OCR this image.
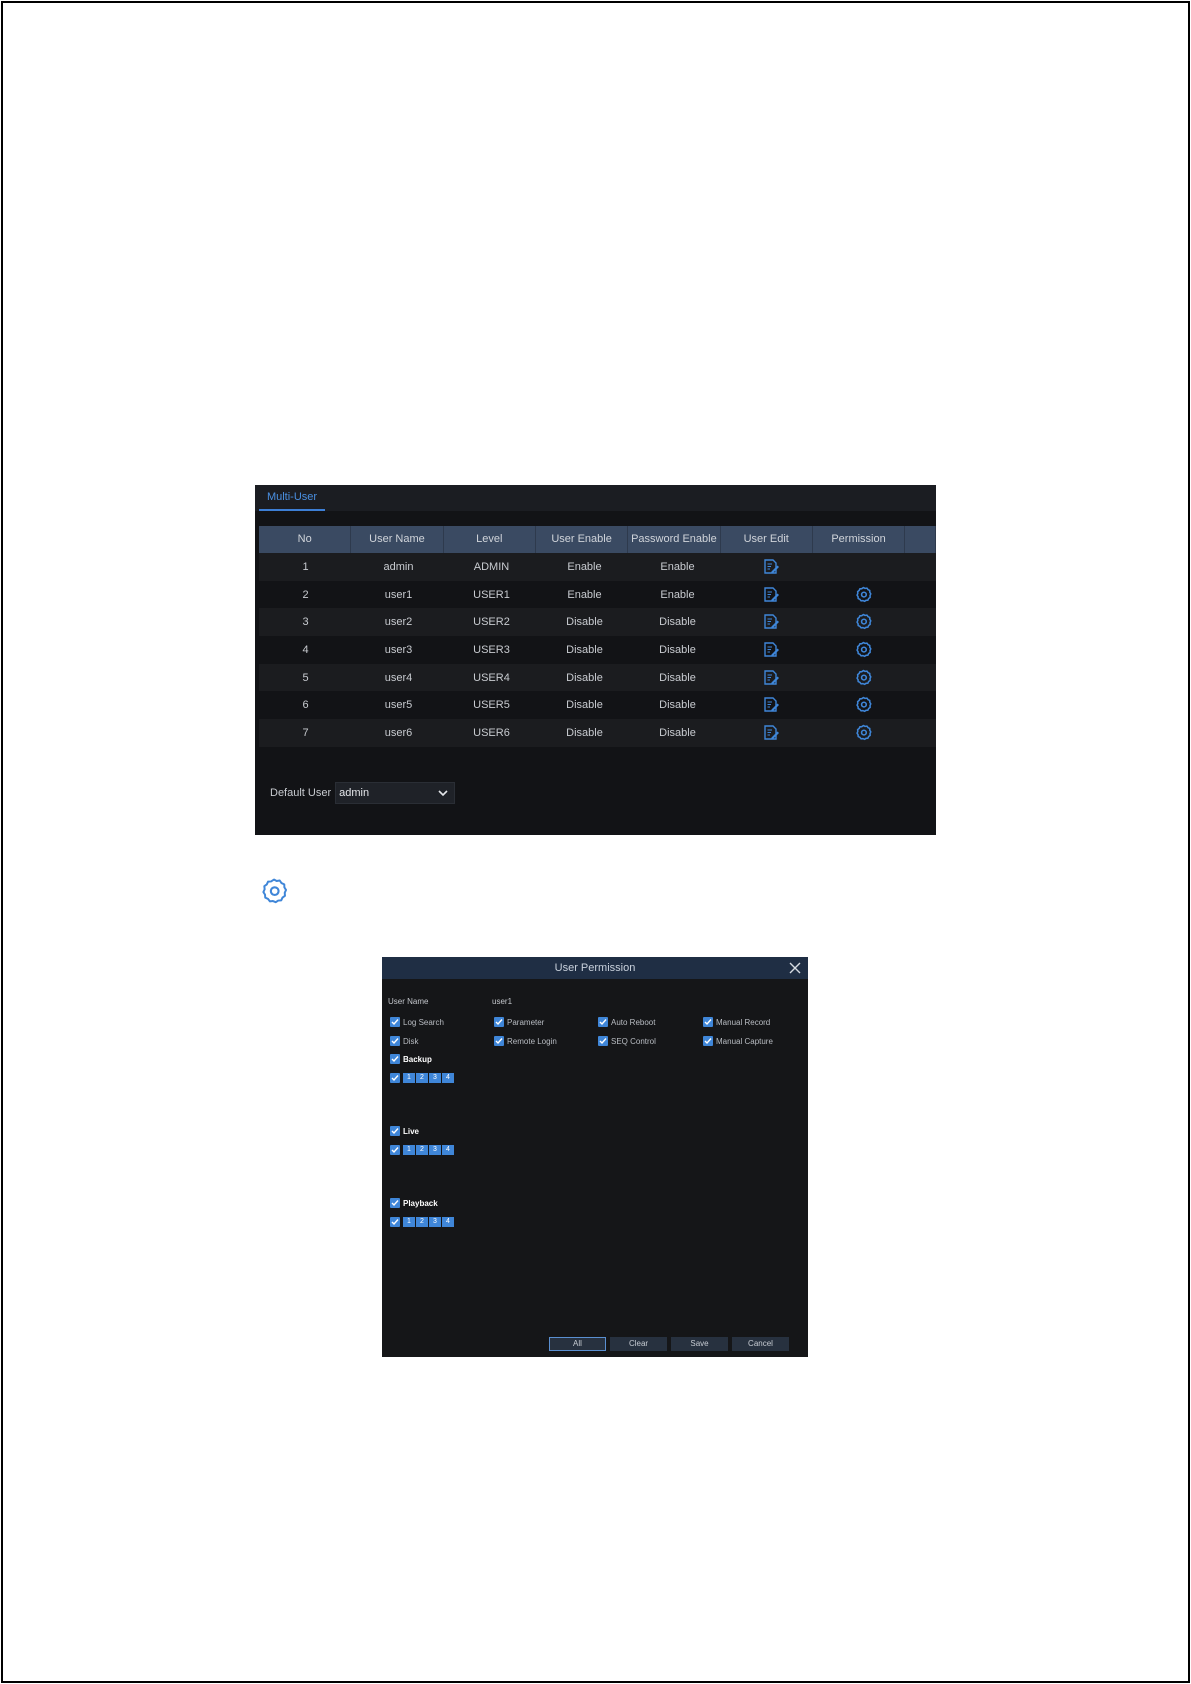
Multi-User
No	User Name	Level	User Enable	Password Enable	User Edit	Permission
1	admin	ADMIN	Enable	Enable
2	user1	USER1	Enable	Enable
3	user2	USER2	Disable	Disable
4	user3	USER3	Disable	Disable
5	user4	USER4	Disable	Disable
6	user5	USER5	Disable	Disable
7	user6	USER6	Disable	Disable
Default User admin
User Permission
User Name	user1
Log Search	Parameter	Auto Reboot	Manual Record
Disk	Remote Login	SEQ Control	Manual Capture
Backup
1	2	3	4
Live
1	2	3	4
Playback
1	2	3	4
All	Clear	Save	Cancel
